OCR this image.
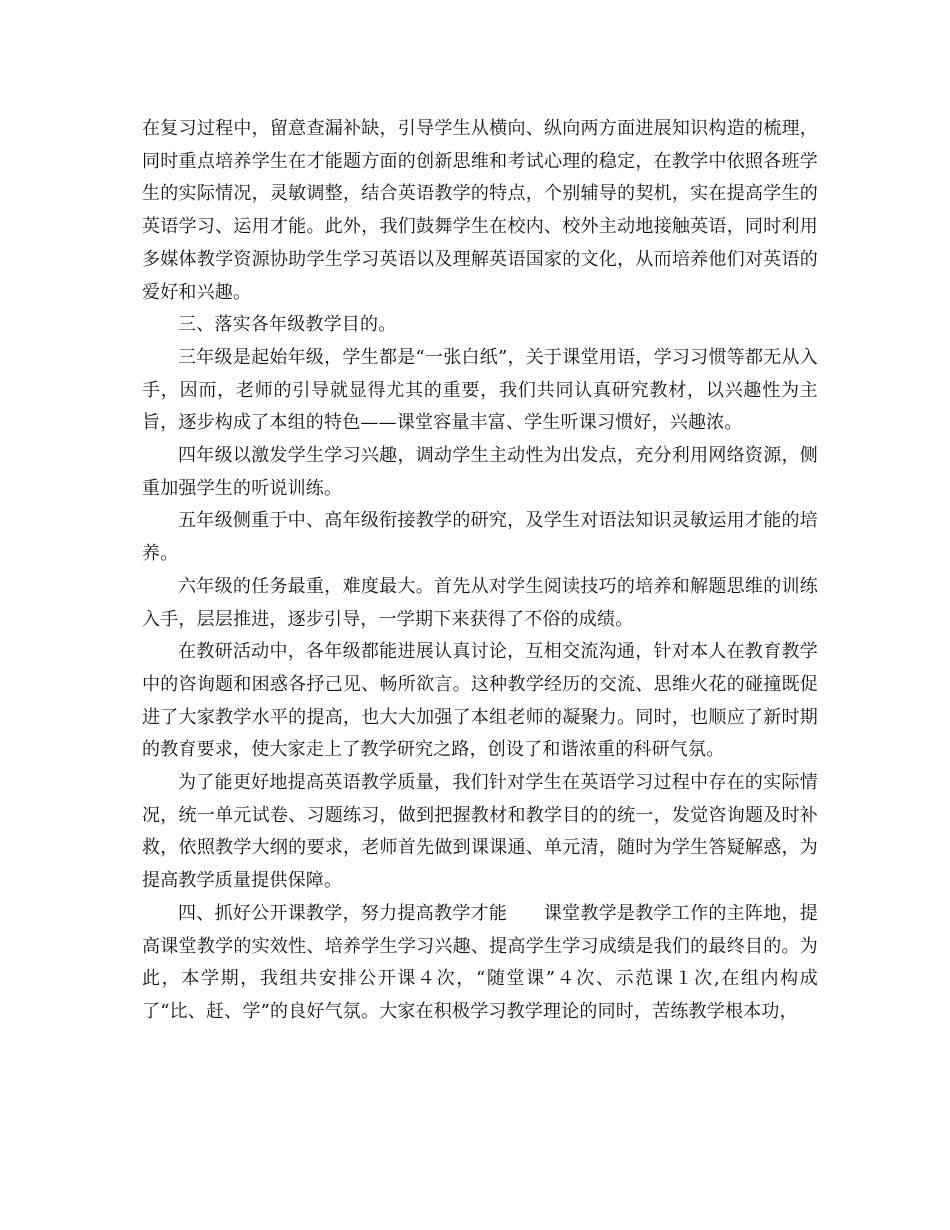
在复习过程中，留意查漏补缺，引导学生从横向、纵向两方面进展知识构造的梳理，同时重点培养学生在才能题方面的创新思维和考试心理的稳定，在教学中依照各班学生的实际情况，灵敏调整，结合英语教学的特点，个别辅导的契机，实在提高学生的英语学习、运用才能。此外，我们鼓舞学生在校内、校外主动地接触英语，同时利用多媒体教学资源协助学生学习英语以及理解英语国家的文化，从而培养他们对英语的爱好和兴趣。

三、落实各年级教学目的。

三年级是起始年级，学生都是“一张白纸”，关于课堂用语，学习习惯等都无从入手，因而，老师的引导就显得尤其的重要，我们共同认真研究教材，以兴趣性为主旨，逐步构成了本组的特色——课堂容量丰富、学生听课习惯好，兴趣浓。

四年级以激发学生学习兴趣，调动学生主动性为出发点，充分利用网络资源，侧重加强学生的听说训练。

五年级侧重于中、高年级衔接教学的研究，及学生对语法知识灵敏运用才能的培养。

六年级的任务最重，难度最大。首先从对学生阅读技巧的培养和解题思维的训练入手，层层推进，逐步引导，一学期下来获得了不俗的成绩。

在教研活动中，各年级都能进展认真讨论，互相交流沟通，针对本人在教育教学中的咨询题和困惑各抒己见、畅所欲言。这种教学经历的交流、思维火花的碰撞既促进了大家教学水平的提高，也大大加强了本组老师的凝聚力。同时，也顺应了新时期的教育要求，使大家走上了教学研究之路，创设了和谐浓重的科研气氛。

为了能更好地提高英语教学质量，我们针对学生在英语学习过程中存在的实际情况，统一单元试卷、习题练习，做到把握教材和教学目的的统一，发觉咨询题及时补救，依照教学大纲的要求，老师首先做到课课通、单元清，随时为学生答疑解惑，为提高教学质量提供保障。

四、抓好公开课教学，努力提高教学才能　　课堂教学是教学工作的主阵地，提高课堂教学的实效性、培养学生学习兴趣、提高学生学习成绩是我们的最终目的。为此，本学期，我组共安排公开课４次，“随堂课”４次、示范课１次,在组内构成了“比、赶、学”的良好气氛。大家在积极学习教学理论的同时，苦练教学根本功，
